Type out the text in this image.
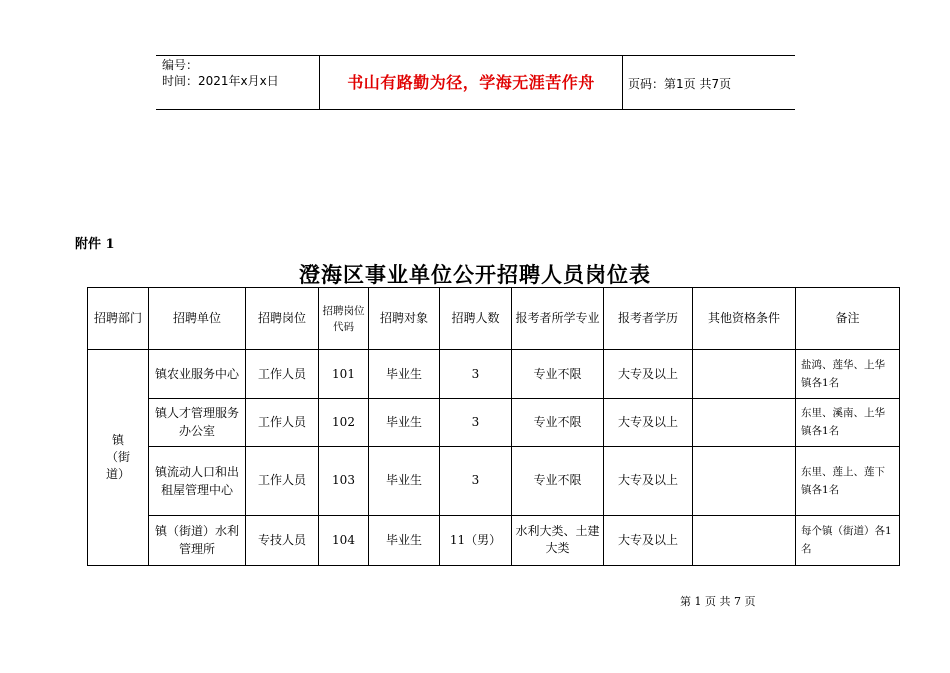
编号：
时间：2021年x月x日	书山有路勤为径，学海无涯苦作舟	页码：第1页 共7页
附件 1
澄海区事业单位公开招聘人员岗位表
招聘部门	招聘单位	招聘岗位	招聘岗位代码	招聘对象	招聘人数	报考者所学专业	报考者学历	其他资格条件	备注
镇（街道）	镇农业服务中心	工作人员	101	毕业生	3	专业不限	大专及以上		盐鸿、莲华、上华镇各1名
	镇人才管理服务办公室	工作人员	102	毕业生	3	专业不限	大专及以上		东里、溪南、上华镇各1名
	镇流动人口和出租屋管理中心	工作人员	103	毕业生	3	专业不限	大专及以上		东里、莲上、莲下镇各1名
	镇（街道）水利管理所	专技人员	104	毕业生	11（男）	水利大类、土建大类	大专及以上		每个镇（街道）各1名
第 1 页 共 7 页
